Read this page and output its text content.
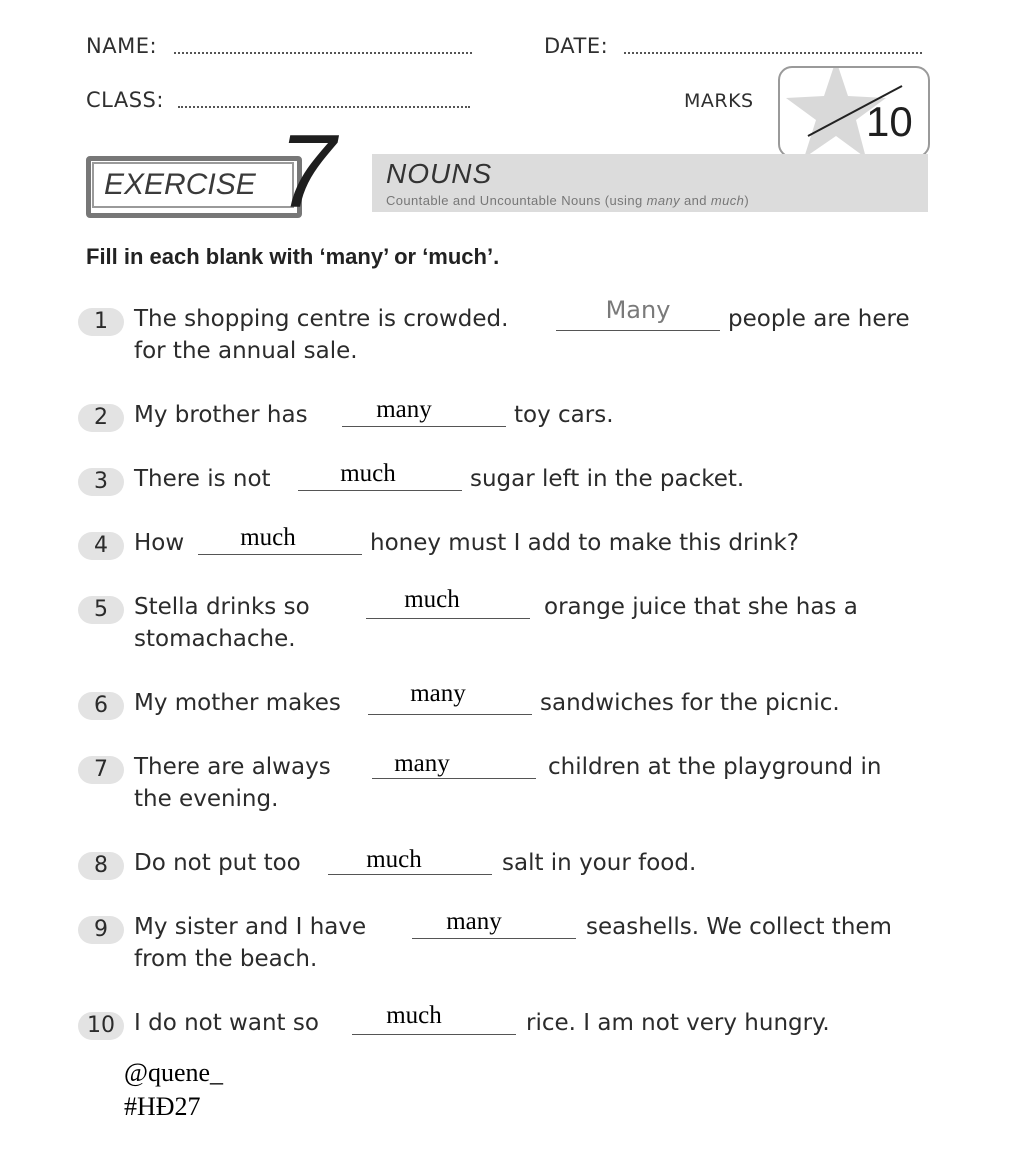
NAME:	DATE:
CLASS:	MARKS	10
EXERCISE 7 NOUNS
Countable and Uncountable Nouns (using many and much)
Fill in each blank with ‘many’ or ‘much’.
1	The shopping centre is crowded.	Many	people are here
for the annual sale.
2	My brother has	many	toy cars.
3	There is not	much	sugar left in the packet.
4	How	much	honey must I add to make this drink?
5	Stella drinks so	much	orange juice that she has a
stomachache.
6	My mother makes	many	sandwiches for the picnic.
7	There are always	many	children at the playground in
the evening.
8	Do not put too	much	salt in your food.
9	My sister and I have	many	seashells. We collect them
from the beach.
10 I do not want so	much	rice. I am not very hungry.
@quene_
#HĐ27
